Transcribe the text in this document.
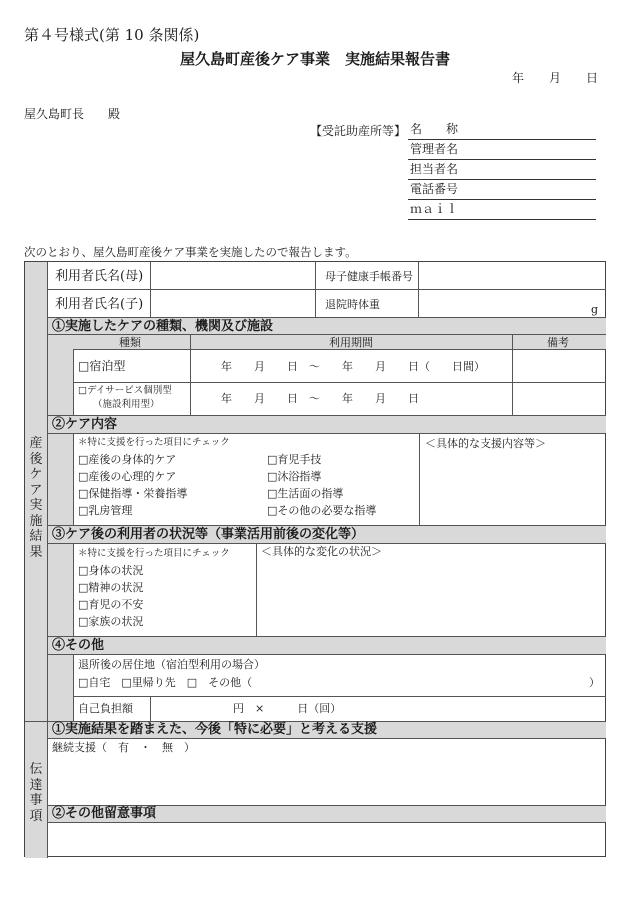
第４号様式(第 10 条関係)
屋久島町産後ケア事業　実施結果報告書
年 月 日
屋久島町長　　殿
【受託助産所等】 名　　称
管理者名
担当者名
電話番号
ｍａｉｌ
次のとおり、屋久島町産後ケア事業を実施したので報告します。
産
後
ケ
ア
実
施
結
果
伝
達
事
項
利用者氏名(母)	母子健康手帳番号
利用者氏名(子)	退院時体重	g
①実施したケアの種類、機関及び施設
種類	利用期間	備考
□宿泊型	年　　月　　日　～　　年　　月　　日（　　日間）
□デイサービス個別型
（施設利用型）	年　　月　　日　～　　年　　月　　日
②ケア内容
＊特に支援を行った項目にチェック
□産後の身体的ケア
□産後の心理的ケア
□保健指導・栄養指導
□乳房管理
□育児手技
□沐浴指導
□生活面の指導
□その他の必要な指導
＜具体的な支援内容等＞
③ケア後の利用者の状況等（事業活用前後の変化等）
＊特に支援を行った項目にチェック
□身体の状況
□精神の状況
□育児の不安
□家族の状況
＜具体的な変化の状況＞
④その他
退所後の居住地（宿泊型利用の場合）
□自宅　□里帰り先　□　その他（	）
自己負担額	円　×　　　日（回）
①実施結果を踏まえた、今後「特に必要」と考える支援
継続支援（　有　・　無　）
②その他留意事項
